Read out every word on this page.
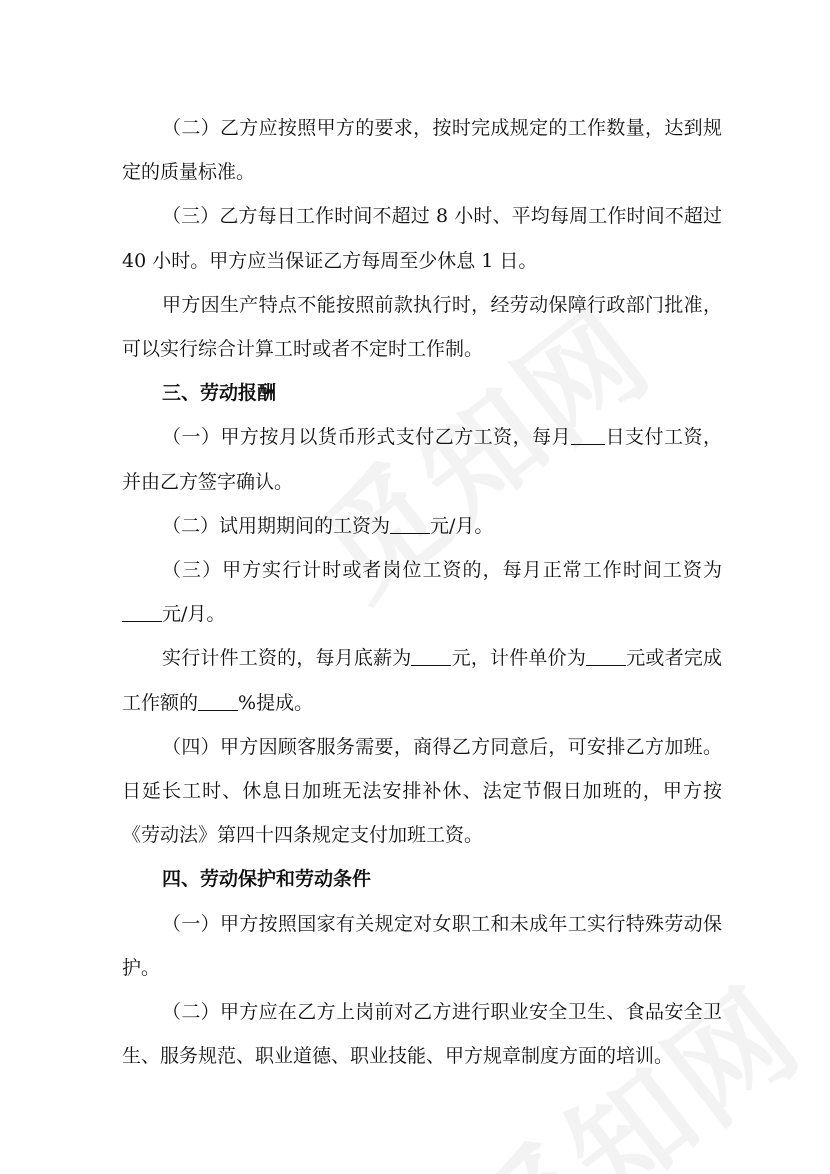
（二）乙方应按照甲方的要求，按时完成规定的工作数量，达到规定的质量标准。

（三）乙方每日工作时间不超过 8 小时、平均每周工作时间不超过 40 小时。甲方应当保证乙方每周至少休息 1 日。

甲方因生产特点不能按照前款执行时，经劳动保障行政部门批准，可以实行综合计算工时或者不定时工作制。

三、劳动报酬

（一）甲方按月以货币形式支付乙方工资，每月 日支付工资，并由乙方签字确认。

（二）试用期期间的工资为 元/月。

（三）甲方实行计时或者岗位工资的，每月正常工作时间工资为元/月。

实行计件工资的，每月底薪为 元，计件单价为 元或者完成工作额的 %提成。

（四）甲方因顾客服务需要，商得乙方同意后，可安排乙方加班。日延长工时、休息日加班无法安排补休、法定节假日加班的，甲方按《劳动法》第四十四条规定支付加班工资。

四、劳动保护和劳动条件

（一）甲方按照国家有关规定对女职工和未成年工实行特殊劳动保护。

（二）甲方应在乙方上岗前对乙方进行职业安全卫生、食品安全卫生、服务规范、职业道德、职业技能、甲方规章制度方面的培训。
